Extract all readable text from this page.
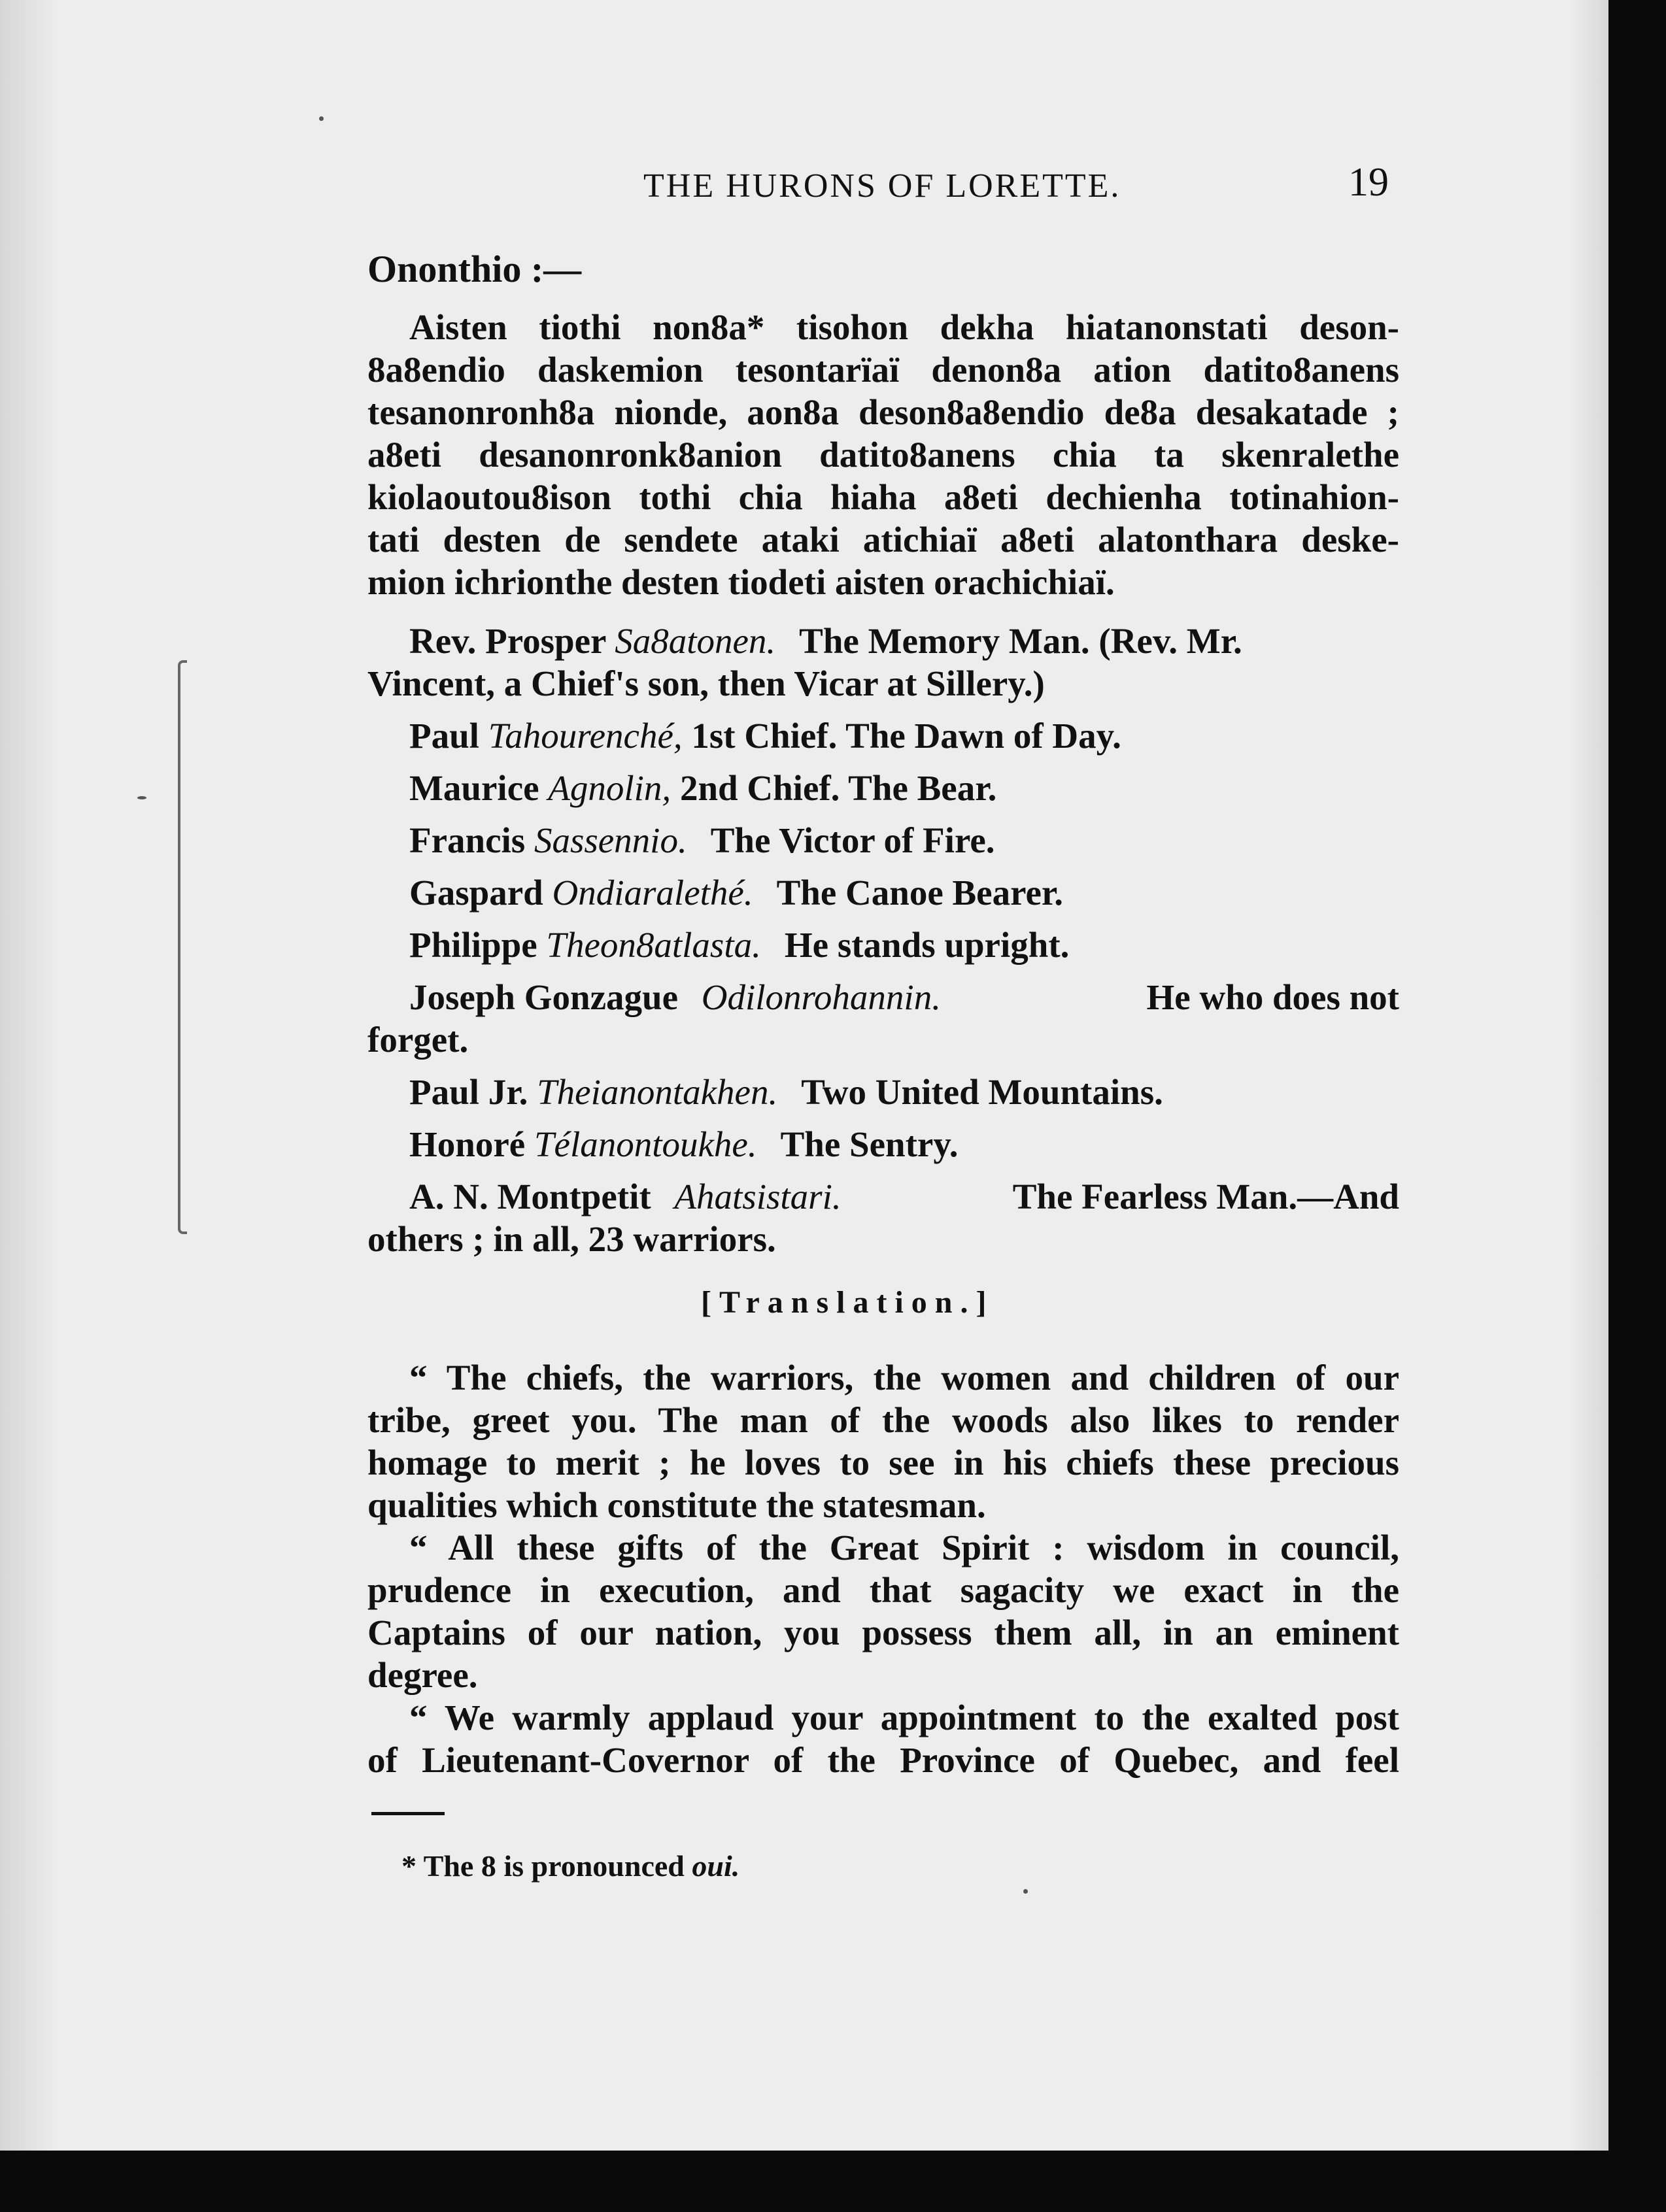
THE HURONS OF LORETTE.	19
Ononthio :—
Aisten tiothi non8a* tisohon dekha hiatanonstati deson-
8a8endio daskemion tesontarïaï denon8a ation datito8anens
tesanonronh8a nionde, aon8a deson8a8endio de8a desakatade ;
a8eti desanonronk8anion datito8anens chia ta skenralethe
kiolaoutou8ison tothi chia hiaha a8eti dechienha totinahion-
tati desten de sendete ataki atichiaï a8eti alatonthara deske-
mion ichrionthe desten tiodeti aisten orachichiaï.
Rev. Prosper Sa8atonen. The Memory Man. (Rev. Mr.
Vincent, a Chief's son, then Vicar at Sillery.)
Paul Tahourenché, 1st Chief. The Dawn of Day.
Maurice Agnolin, 2nd Chief. The Bear.
Francis Sassennio. The Victor of Fire.
Gaspard Ondiaralethé. The Canoe Bearer.
Philippe Theon8atlasta. He stands upright.
Joseph Gonzague Odilonrohannin.	He who does not
forget.
Paul Jr. Theianontakhen. Two United Mountains.
Honoré Télanontoukhe. The Sentry.
A. N. Montpetit Ahatsistari.	The Fearless Man.—And
others ; in all, 23 warriors.
[Translation.]
“ The chiefs, the warriors, the women and children of our
tribe, greet you. The man of the woods also likes to render
homage to merit ; he loves to see in his chiefs these precious
qualities which constitute the statesman.
“ All these gifts of the Great Spirit : wisdom in council,
prudence in execution, and that sagacity we exact in the
Captains of our nation, you possess them all, in an eminent
degree.
“ We warmly applaud your appointment to the exalted post
of Lieutenant-Covernor of the Province of Quebec, and feel
* The 8 is pronounced oui.
